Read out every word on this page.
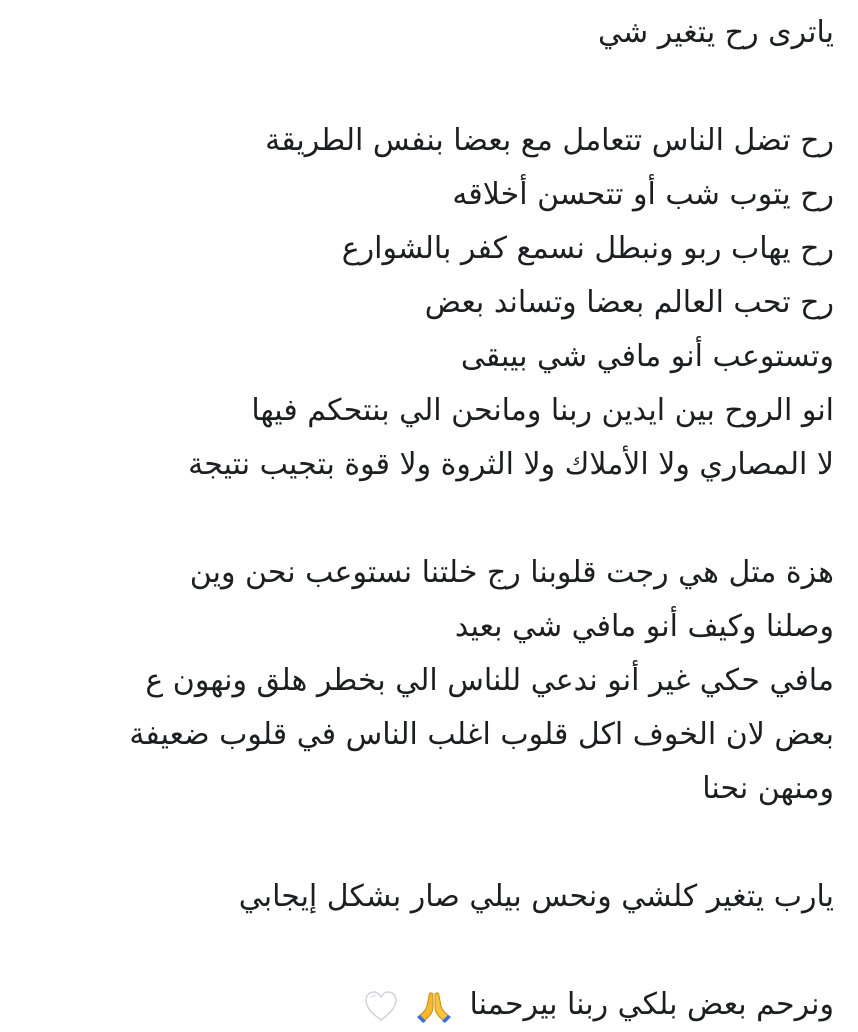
ياترى رح يتغير شي
رح تضل الناس تتعامل مع بعضا بنفس الطريقة
رح يتوب شب أو تتحسن أخلاقه
رح يهاب ربو ونبطل نسمع كفر بالشوارع
رح تحب العالم بعضا وتساند بعض
وتستوعب أنو مافي شي بيبقى
انو الروح بين ايدين ربنا ومانحن الي بنتحكم فيها
لا المصاري ولا الأملاك ولا الثروة ولا قوة بتجيب نتيجة
هزة متل هي رجت قلوبنا رج خلتنا نستوعب نحن وين
وصلنا وكيف أنو مافي شي بعيد
مافي حكي غير أنو ندعي للناس الي بخطر هلق ونهون ع
بعض لان الخوف اكل قلوب اغلب الناس في قلوب ضعيفة
ومنهن نحنا
يارب يتغير كلشي ونحس بيلي صار بشكل إيجابي
ونرحم بعض بلكي ربنا بيرحمنا
